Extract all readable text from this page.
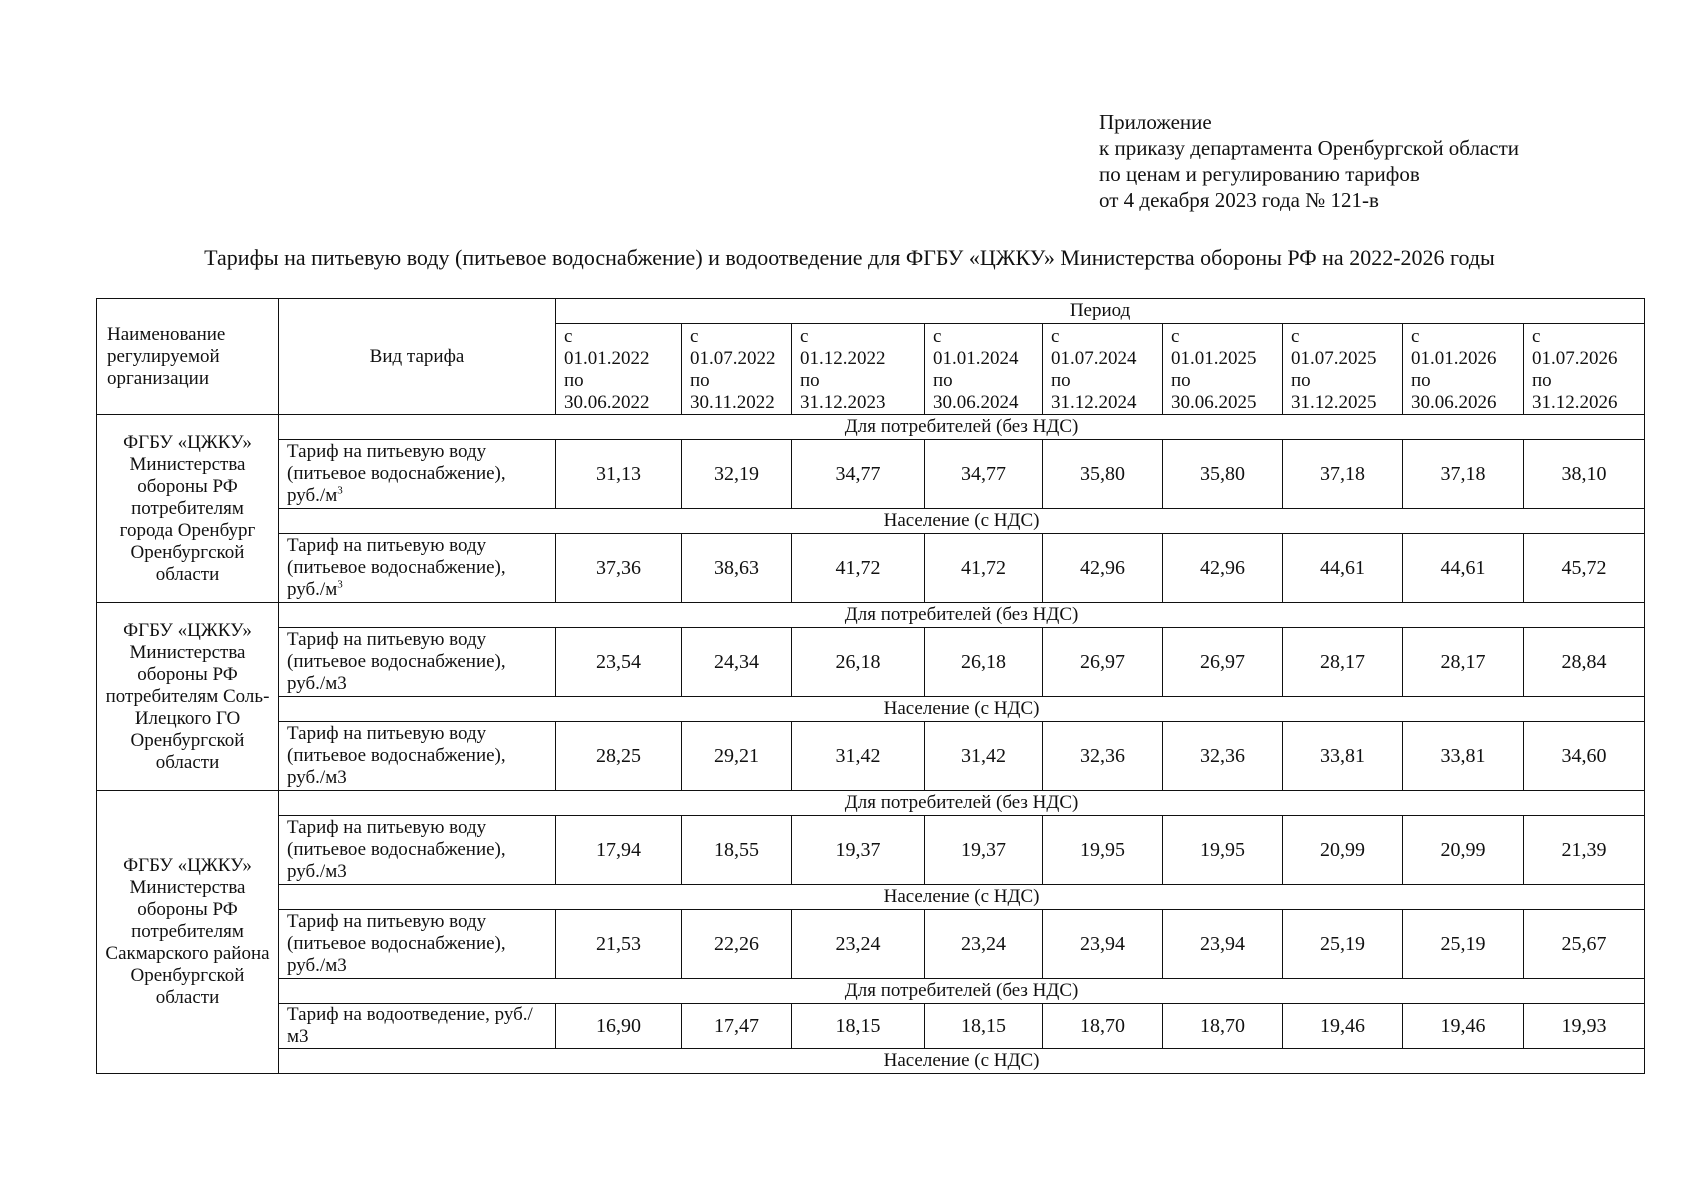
Приложение
к приказу департамента Оренбургской области
по ценам и регулированию тарифов
от 4 декабря 2023 года № 121-в
Тарифы на питьевую воду (питьевое водоснабжение) и водоотведение для ФГБУ «ЦЖКУ» Министерства обороны РФ на 2022-2026 годы
Наименование регулируемой организации	Вид тарифа	Период								

		с
01.01.2022
по
30.06.2022	с
01.07.2022
по
30.11.2022	с
01.12.2022
по
31.12.2023	с
01.01.2024
по
30.06.2024	с
01.07.2024
по
31.12.2024	с
01.01.2025
по
30.06.2025	с
01.07.2025
по
31.12.2025	с
01.01.2026
по
30.06.2026	с
01.07.2026
по
31.12.2026

ФГБУ «ЦЖКУ» Министерства обороны РФ потребителям города Оренбург Оренбургской области	Для потребителей (без НДС)									
	Тариф на питьевую воду (питьевое водоснабжение), $руб./м^3$	31,13	32,19	34,77	34,77	35,80	35,80	37,18	37,18	38,10
	Население (с НДС)									
	Тариф на питьевую воду (питьевое водоснабжение), $руб./м^3$	37,36	38,63	41,72	41,72	42,96	42,96	44,61	44,61	45,72
ФГБУ «ЦЖКУ» Министерства обороны РФ потребителям Соль-Илецкого ГО Оренбургской области	Для потребителей (без НДС)									
	Тариф на питьевую воду (питьевое водоснабжение), руб./м3	23,54	24,34	26,18	26,18	26,97	26,97	28,17	28,17	28,84
	Население (с НДС)									
	Тариф на питьевую воду (питьевое водоснабжение), руб./м3	28,25	29,21	31,42	31,42	32,36	32,36	33,81	33,81	34,60
ФГБУ «ЦЖКУ» Министерства обороны РФ потребителям Сакмарского района Оренбургской области	Для потребителей (без НДС)									
	Тариф на питьевую воду (питьевое водоснабжение), руб./м3	17,94	18,55	19,37	19,37	19,95	19,95	20,99	20,99	21,39
	Население (с НДС)									
	Тариф на питьевую воду (питьевое водоснабжение), руб./м3	21,53	22,26	23,24	23,24	23,94	23,94	25,19	25,19	25,67
	Для потребителей (без НДС)									
	Тариф на водоотведение, руб./м3	16,90	17,47	18,15	18,15	18,70	18,70	19,46	19,46	19,93
	Население (с НДС)									
